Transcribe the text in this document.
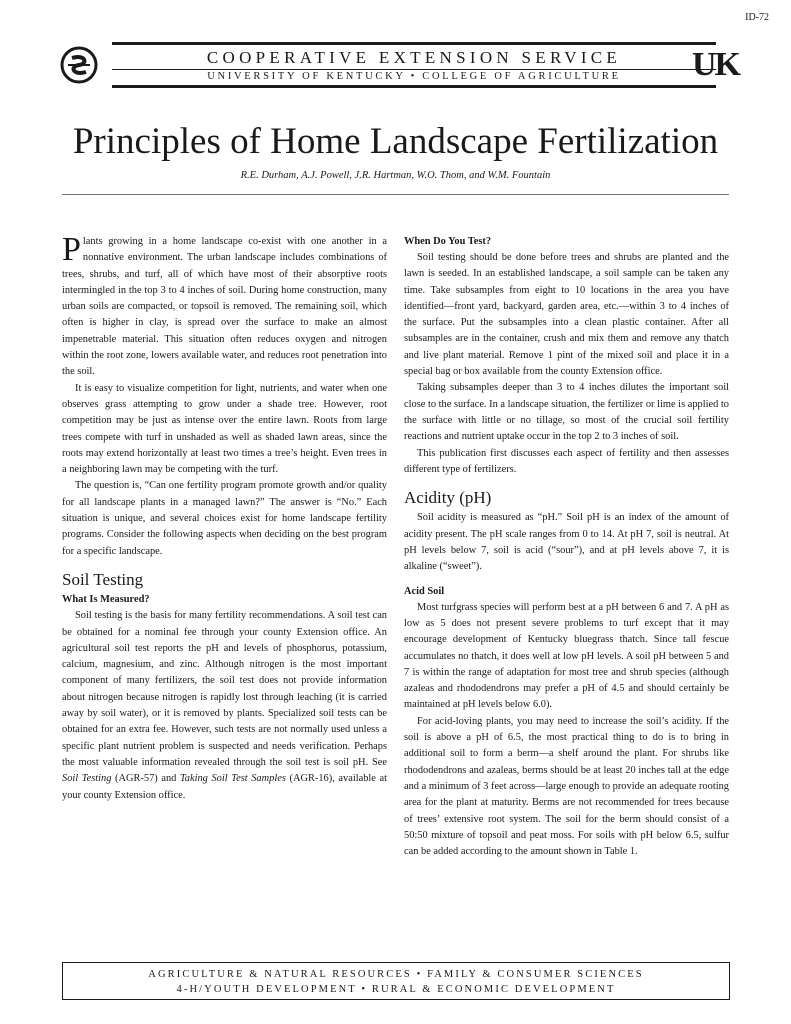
ID-72
COOPERATIVE EXTENSION SERVICE
UNIVERSITY OF KENTUCKY • COLLEGE OF AGRICULTURE	UK
Principles of Home Landscape Fertilization
R.E. Durham, A.J. Powell, J.R. Hartman, W.O. Thom, and W.M. Fountain

Plants growing in a home landscape co-exist with one another in a nonnative environment. The urban landscape includes combinations of trees, shrubs, and turf, all of which have most of their absorptive roots intermingled in the top 3 to 4 inches of soil. During home construction, many urban soils are compacted, or topsoil is removed. The remaining soil, which often is higher in clay, is spread over the surface to make an almost impenetrable material. This situation often reduces oxygen and nitrogen within the root zone, lowers available water, and reduces root penetration into the soil.

It is easy to visualize competition for light, nutrients, and water when one observes grass attempting to grow under a shade tree. However, root competition may be just as intense over the entire lawn. Roots from large trees compete with turf in unshaded as well as shaded lawn areas, since the roots may extend horizontally at least two times a tree’s height. Even trees in a neighboring lawn may be competing with the turf.

The question is, “Can one fertility program promote growth and/or quality for all landscape plants in a managed lawn?” The answer is “No.” Each situation is unique, and several choices exist for home landscape fertility programs. Consider the following aspects when deciding on the best program for a specific landscape.

Soil Testing
What Is Measured?

Soil testing is the basis for many fertility recommendations. A soil test can be obtained for a nominal fee through your county Extension office. An agricultural soil test reports the pH and levels of phosphorus, potassium, calcium, magnesium, and zinc. Although nitrogen is the most important component of many fertilizers, the soil test does not provide information about nitrogen because nitrogen is rapidly lost through leaching (it is carried away by soil water), or it is removed by plants. Specialized soil tests can be obtained for an extra fee. However, such tests are not normally used unless a specific plant nutrient problem is suspected and needs verification. Perhaps the most valuable information revealed through the soil test is soil pH. See Soil Testing (AGR-57) and Taking Soil Test Samples (AGR-16), available at your county Extension office.

When Do You Test?

Soil testing should be done before trees and shrubs are planted and the lawn is seeded. In an established landscape, a soil sample can be taken any time. Take subsamples from eight to 10 locations in the area you have identified—front yard, backyard, garden area, etc.—within 3 to 4 inches of the surface. Put the subsamples into a clean plastic container. After all subsamples are in the container, crush and mix them and remove any thatch and live plant material. Remove 1 pint of the mixed soil and place it in a special bag or box available from the county Extension office.

Taking subsamples deeper than 3 to 4 inches dilutes the important soil close to the surface. In a landscape situation, the fertilizer or lime is applied to the surface with little or no tillage, so most of the crucial soil fertility reactions and nutrient uptake occur in the top 2 to 3 inches of soil.

This publication first discusses each aspect of fertility and then assesses different type of fertilizers.

Acidity (pH)

Soil acidity is measured as “pH.” Soil pH is an index of the amount of acidity present. The pH scale ranges from 0 to 14. At pH 7, soil is neutral. At pH levels below 7, soil is acid (“sour”), and at pH levels above 7, it is alkaline (“sweet”).

Acid Soil

Most turfgrass species will perform best at a pH between 6 and 7. A pH as low as 5 does not present severe problems to turf except that it may encourage development of Kentucky bluegrass thatch. Since tall fescue accumulates no thatch, it does well at low pH levels. A soil pH between 5 and 7 is within the range of adaptation for most tree and shrub species (although azaleas and rhododendrons may prefer a pH of 4.5 and should certainly be maintained at pH levels below 6.0).

For acid-loving plants, you may need to increase the soil’s acidity. If the soil is above a pH of 6.5, the most practical thing to do is to bring in additional soil to form a berm—a shelf around the plant. For shrubs like rhododendrons and azaleas, berms should be at least 20 inches tall at the edge and a minimum of 3 feet across—large enough to provide an adequate rooting area for the plant at maturity. Berms are not recommended for trees because of trees’ extensive root system. The soil for the berm should consist of a 50:50 mixture of topsoil and peat moss. For soils with pH below 6.5, sulfur can be added according to the amount shown in Table 1.

AGRICULTURE & NATURAL RESOURCES • FAMILY & CONSUMER SCIENCES
4-H/YOUTH DEVELOPMENT • RURAL & ECONOMIC DEVELOPMENT
